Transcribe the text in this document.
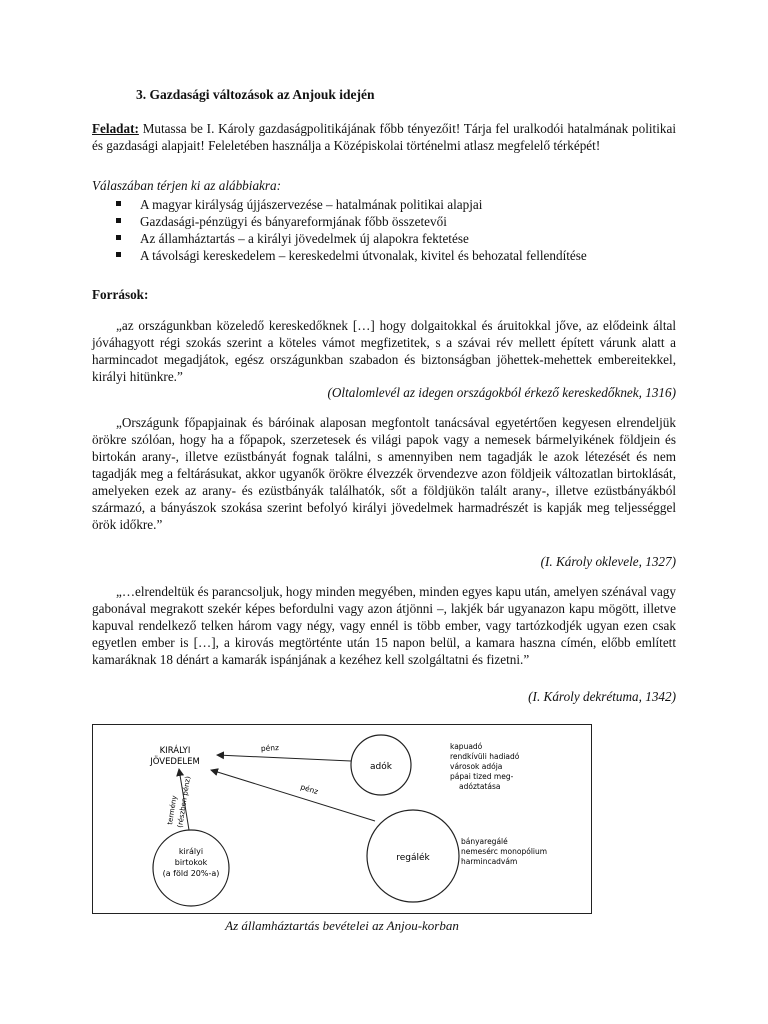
3. Gazdasági változások az Anjouk idején
Feladat: Mutassa be I. Károly gazdaságpolitikájának főbb tényezőit! Tárja fel uralkodói hatalmának politikai és gazdasági alapjait! Feleletében használja a Középiskolai történelmi atlasz megfelelő térképét!
Válaszában térjen ki az alábbiakra:
A magyar királyság újjászervezése – hatalmának politikai alapjai
Gazdasági-pénzügyi és bányareformjának főbb összetevői
Az államháztartás – a királyi jövedelmek új alapokra fektetése
A távolsági kereskedelem – kereskedelmi útvonalak, kivitel és behozatal fellendítése
Források:
„az országunkban közeledő kereskedőknek […] hogy dolgaitokkal és áruitokkal jőve, az elődeink által jóváhagyott régi szokás szerint a köteles vámot megfizetitek, s a szávai rév mellett épített várunk alatt a harmincadot megadjátok, egész országunkban szabadon és biztonságban jöhettek-mehettek embereitekkel, királyi hitünkre.”
(Oltalomlevél az idegen országokból érkező kereskedőknek, 1316)
„Országunk főpapjainak és báróinak alaposan megfontolt tanácsával egyetértően kegyesen elrendeljük örökre szólóan, hogy ha a főpapok, szerzetesek és világi papok vagy a nemesek bármelyikének földjein és birtokán arany-, illetve ezüstbányát fognak találni, s amennyiben nem tagadják le azok létezését és nem tagadják meg a feltárásukat, akkor ugyanők örökre élvezzék örvendezve azon földjeik változatlan birtoklását, amelyeken ezek az arany- és ezüstbányák találhatók, sőt a földjükön talált arany-, illetve ezüstbányákból származó, a bányászok szokása szerint befolyó királyi jövedelmek harmadrészét is kapják meg teljességgel örök időkre.”
(I. Károly oklevele, 1327)
„…elrendeltük és parancsoljuk, hogy minden megyében, minden egyes kapu után, amelyen szénával vagy gabonával megrakott szekér képes befordulni vagy azon átjönni –, lakjék bár ugyanazon kapu mögött, illetve kapuval rendelkező telken három vagy négy, vagy ennél is több ember, vagy tartózkodjék ugyan ezen csak egyetlen ember is […], a kirovás megtörténte után 15 napon belül, a kamara haszna címén, előbb említett kamaráknak 18 dénárt a kamarák ispánjának a kezéhez kell szolgáltatni és fizetni.”
(I. Károly dekrétuma, 1342)
KIRÁLYI
JÖVEDELEM	adók
regálék
királyi
birtokok
(a föld 20%-a)
pénz
pénz
termény
(részben pénz)
kapuadó
rendkívüli hadiadó
városok adója
pápai tized meg-
adóztatása
bányaregálé
nemesérc monopólium
harmincadvám
Az államháztartás bevételei az Anjou-korban
